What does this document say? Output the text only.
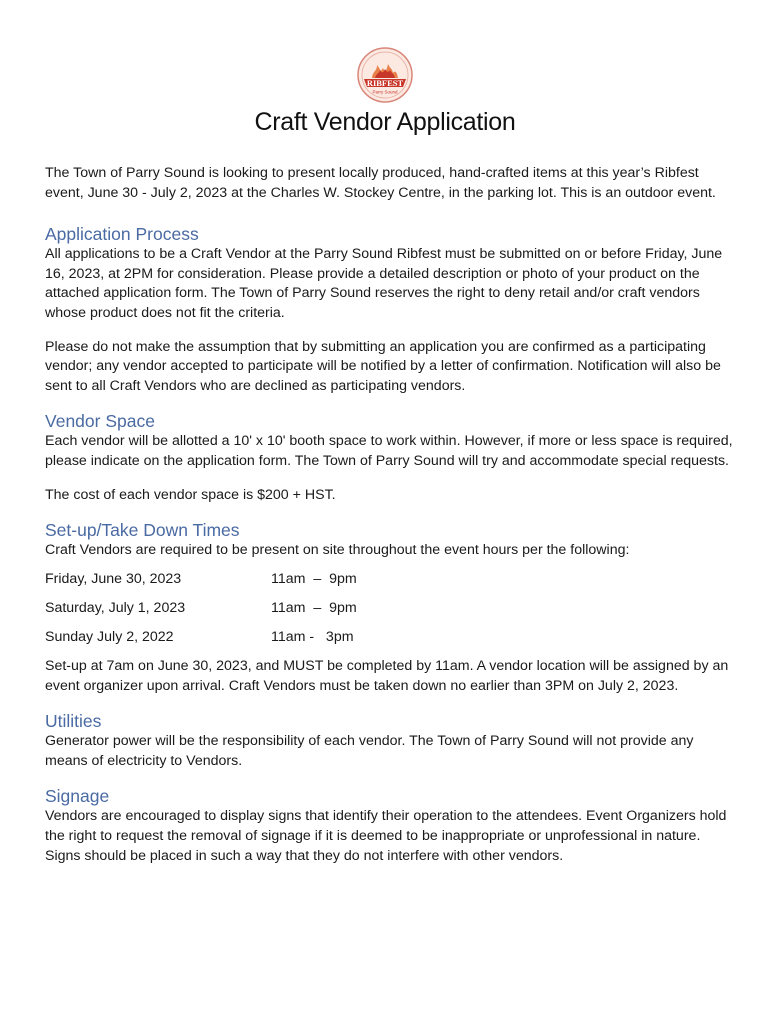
RIBFEST
Parry Sound
Craft Vendor Application

The Town of Parry Sound is looking to present locally produced, hand-crafted items at this year’s Ribfest event, June 30 - July 2, 2023 at the Charles W. Stockey Centre, in the parking lot. This is an outdoor event.

Application Process

All applications to be a Craft Vendor at the Parry Sound Ribfest must be submitted on or before Friday, June 16, 2023, at 2PM for consideration. Please provide a detailed description or photo of your product on the attached application form. The Town of Parry Sound reserves the right to deny retail and/or craft vendors whose product does not fit the criteria.

Please do not make the assumption that by submitting an application you are confirmed as a participating vendor; any vendor accepted to participate will be notified by a letter of confirmation. Notification will also be sent to all Craft Vendors who are declined as participating vendors.

Vendor Space

Each vendor will be allotted a 10' x 10' booth space to work within. However, if more or less space is required, please indicate on the application form. The Town of Parry Sound will try and accommodate special requests.

The cost of each vendor space is $200 + HST.

Set-up/Take Down Times

Craft Vendors are required to be present on site throughout the event hours per the following:

Friday, June 30, 2023	11am  –  9pm
Saturday, July 1, 2023	11am  –  9pm
Sunday July 2, 2022	11am -   3pm

Set-up at 7am on June 30, 2023, and MUST be completed by 11am. A vendor location will be assigned by an event organizer upon arrival. Craft Vendors must be taken down no earlier than 3PM on July 2, 2023.

Utilities

Generator power will be the responsibility of each vendor. The Town of Parry Sound will not provide any means of electricity to Vendors.

Signage

Vendors are encouraged to display signs that identify their operation to the attendees. Event Organizers hold the right to request the removal of signage if it is deemed to be inappropriate or unprofessional in nature. Signs should be placed in such a way that they do not interfere with other vendors.
